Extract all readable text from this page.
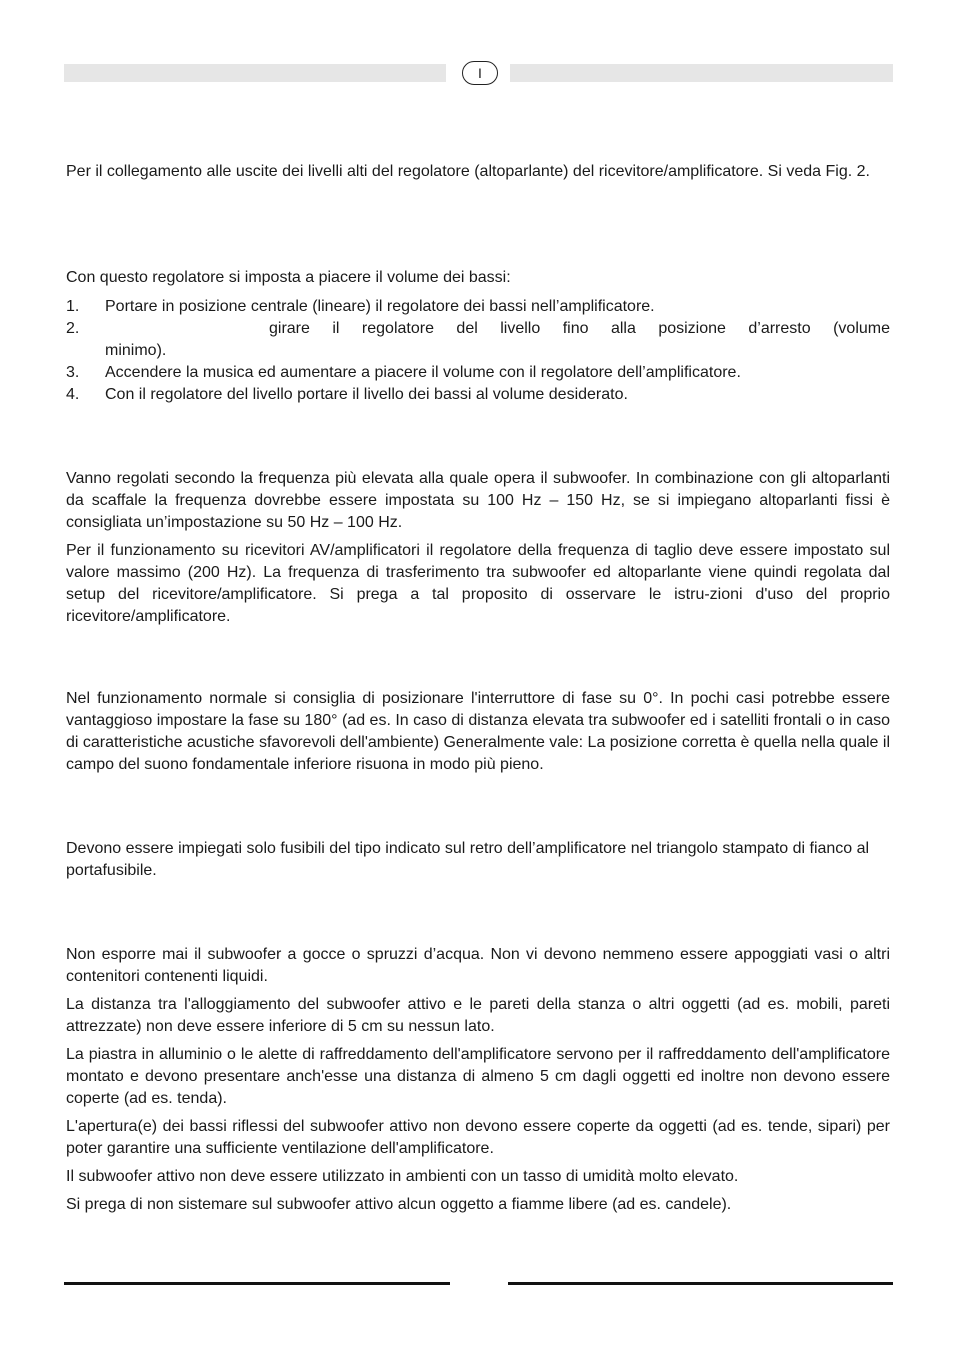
I

Per il collegamento alle uscite dei livelli alti del regolatore (altoparlante) del ricevitore/amplificatore. Si veda Fig. 2.

Con questo regolatore si imposta a piacere il volume dei bassi:

1. Portare in posizione centrale (lineare) il regolatore dei bassi nell’amplificatore.
2.	girare il regolatore del livello fino alla posizione d’arresto (volume
minimo).
3. Accendere la musica ed aumentare a piacere il volume con il regolatore dell’amplificatore.
4. Con il regolatore del livello portare il livello dei bassi al volume desiderato.

Vanno regolati secondo la frequenza più elevata alla quale opera il subwoofer. In combinazione con gli altoparlanti da scaffale la frequenza dovrebbe essere impostata su 100 Hz – 150 Hz, se si impiegano altoparlanti fissi è consigliata un’impostazione su 50 Hz – 100 Hz.

Per il funzionamento su ricevitori AV/amplificatori il regolatore della frequenza di taglio deve essere impostato sul valore massimo (200 Hz). La frequenza di trasferimento tra subwoofer ed altoparlante viene quindi regolata dal setup del ricevitore/amplificatore. Si prega a tal proposito di osservare le istru-zioni d'uso del proprio ricevitore/amplificatore.

Nel funzionamento normale si consiglia di posizionare l'interruttore di fase su 0°. In pochi casi potrebbe essere vantaggioso impostare la fase su 180° (ad es. In caso di distanza elevata tra subwoofer ed i satelliti frontali o in caso di caratteristiche acustiche sfavorevoli dell'ambiente) Generalmente vale: La posizione corretta è quella nella quale il campo del suono fondamentale inferiore risuona in modo più pieno.

Devono essere impiegati solo fusibili del tipo indicato sul retro dell’amplificatore nel triangolo stampato di fianco al portafusibile.

Non esporre mai il subwoofer a gocce o spruzzi d’acqua. Non vi devono nemmeno essere appoggiati vasi o altri contenitori contenenti liquidi.

La distanza tra l'alloggiamento del subwoofer attivo e le pareti della stanza o altri oggetti (ad es. mobili, pareti attrezzate) non deve essere inferiore di 5 cm su nessun lato.

La piastra in alluminio o le alette di raffreddamento dell'amplificatore servono per il raffreddamento dell'amplificatore montato e devono presentare anch'esse una distanza di almeno 5 cm dagli oggetti ed inoltre non devono essere coperte (ad es. tenda).

L'apertura(e) dei bassi riflessi del subwoofer attivo non devono essere coperte da oggetti (ad es. tende, sipari) per poter garantire una sufficiente ventilazione dell'amplificatore.

Il subwoofer attivo non deve essere utilizzato in ambienti con un tasso di umidità molto elevato.

Si prega di non sistemare sul subwoofer attivo alcun oggetto a fiamme libere (ad es. candele).
